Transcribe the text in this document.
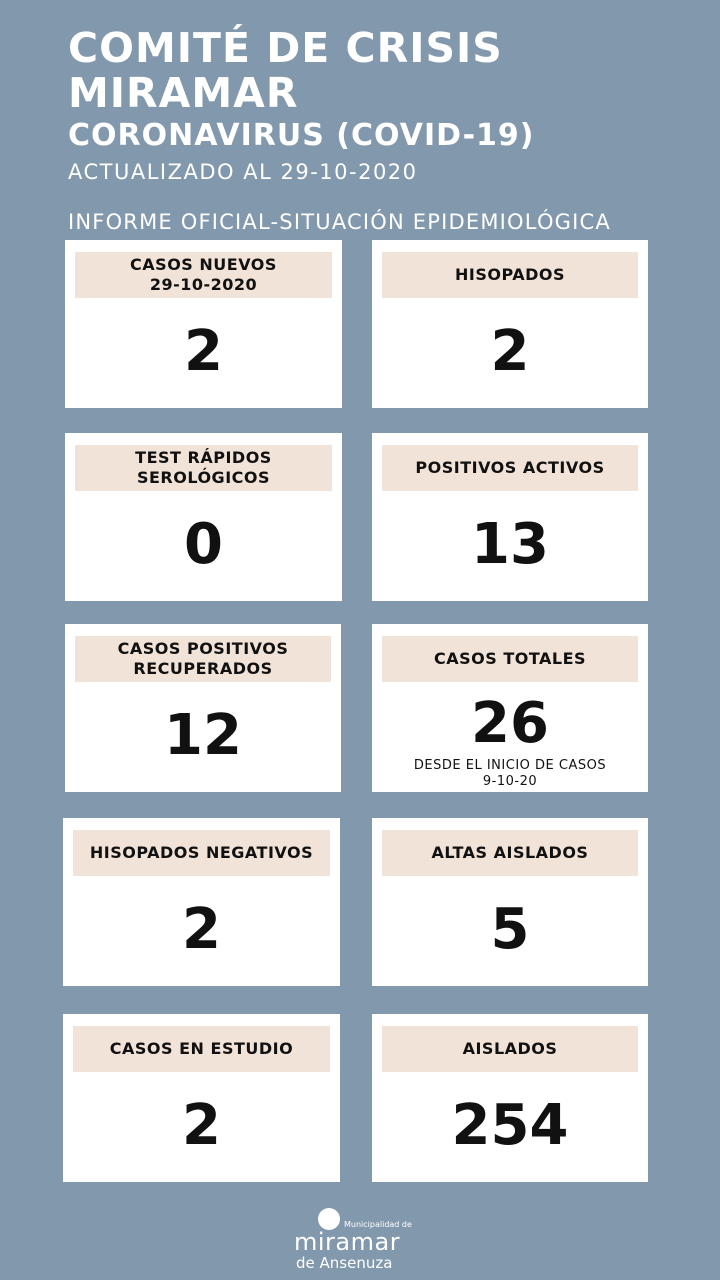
COMITÉ DE CRISIS
MIRAMAR
CORONAVIRUS (COVID-19)
ACTUALIZADO AL 29-10-2020
INFORME OFICIAL-SITUACIÓN EPIDEMIOLÓGICA
CASOS NUEVOS
29-10-2020
2
HISOPADOS
2
TEST RÁPIDOS
SEROLÓGICOS
0
POSITIVOS ACTIVOS
13
CASOS POSITIVOS
RECUPERADOS
12
CASOS TOTALES
26
DESDE EL INICIO DE CASOS
9-10-20
HISOPADOS NEGATIVOS
2
ALTAS AISLADOS
5
CASOS EN ESTUDIO
2
AISLADOS
254
Municipalidad de
miramar
de Ansenuza
